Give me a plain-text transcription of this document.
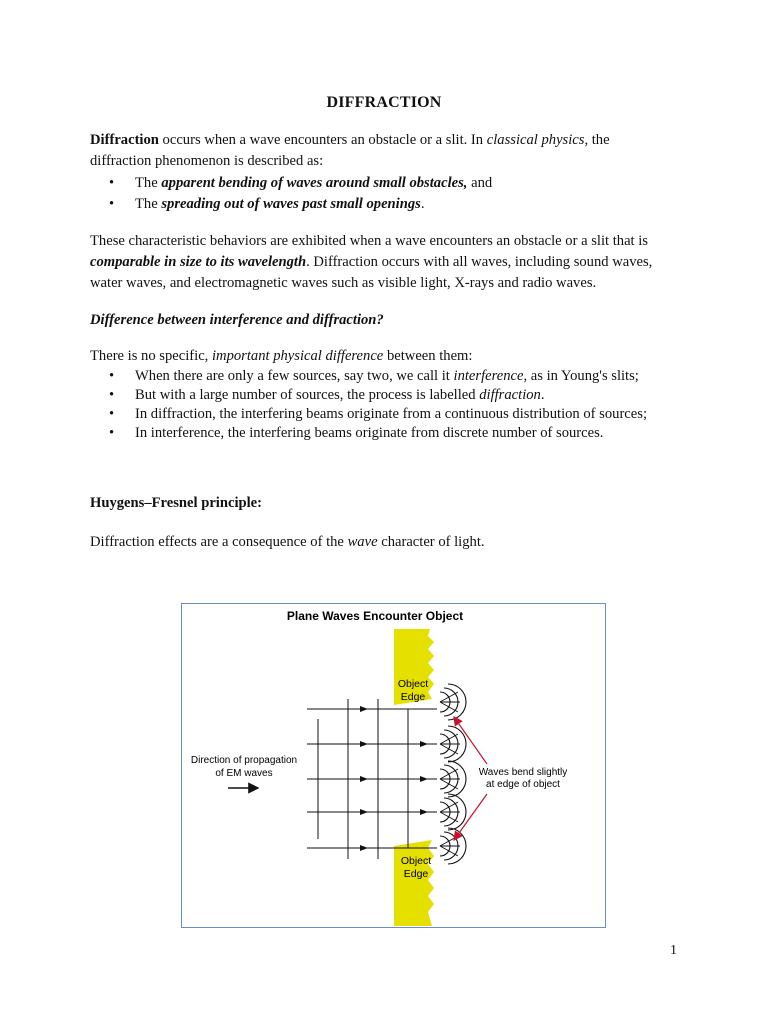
DIFFRACTION
Diffraction occurs when a wave encounters an obstacle or a slit. In classical physics, the
diffraction phenomenon is described as:
The apparent bending of waves around small obstacles, and
The spreading out of waves past small openings.
These characteristic behaviors are exhibited when a wave encounters an obstacle or a slit that is
comparable in size to its wavelength. Diffraction occurs with all waves, including sound waves,
water waves, and electromagnetic waves such as visible light, X-rays and radio waves.
Difference between interference and diffraction?
There is no specific, important physical difference between them:
When there are only a few sources, say two, we call it interference, as in Young's slits;
But with a large number of sources, the process is labelled diffraction.
In diffraction, the interfering beams originate from a continuous distribution of sources;
In interference, the interfering beams originate from discrete number of sources.
Huygens–Fresnel principle:
Diffraction effects are a consequence of the wave character of light.
Plane Waves Encounter Object
Object
Edge
Object
Edge
Direction of propagation
of EM waves	Waves bend slightly
at edge of object
1
